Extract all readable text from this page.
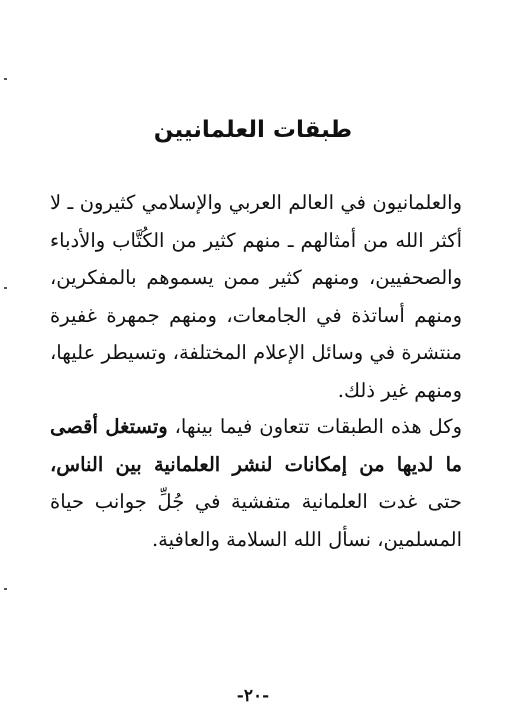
طبقات العلمانيين

والعلمانيون في العالم العربي والإسلامي كثيرون ـ لا أكثر الله من أمثالهم ـ منهم كثير من الكُتَّاب والأدباء والصحفيين، ومنهم كثير ممن يسموهم بالمفكرين، ومنهم أساتذة في الجامعات، ومنهم جمهرة غفيرة منتشرة في وسائل الإعلام المختلفة، وتسيطر عليها، ومنهم غير ذلك.

وكل هذه الطبقات تتعاون فيما بينها، وتستغل أقصى ما لديها من إمكانات لنشر العلمانية بين الناس، حتى غدت العلمانية متفشية في جُلِّ جوانب حياة المسلمين، نسأل الله السلامة والعافية.

-٢٠-
